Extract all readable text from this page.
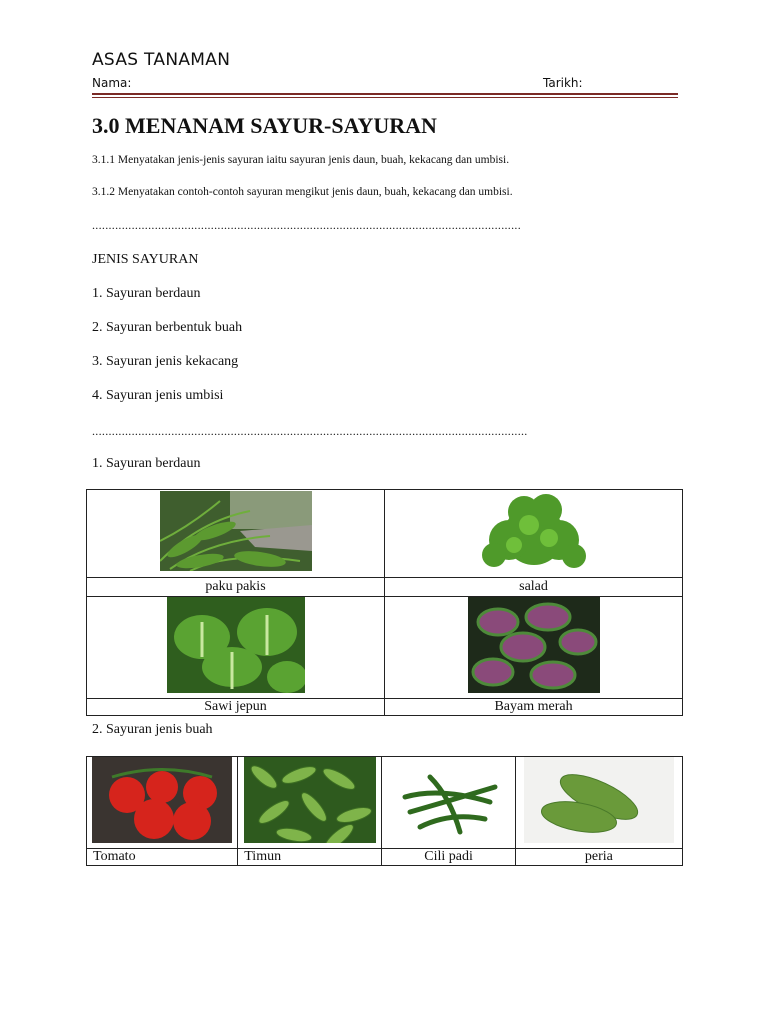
ASAS TANAMAN
Nama:	Tarikh:
3.0 MENANAM SAYUR-SAYURAN
3.1.1 Menyatakan jenis-jenis sayuran iaitu sayuran jenis daun, buah, kekacang dan umbisi.
3.1.2 Menyatakan contoh-contoh sayuran mengikut jenis daun, buah, kekacang dan umbisi.
..................................................................................................................................
JENIS SAYURAN
1. Sayuran berdaun
2. Sayuran berbentuk buah
3. Sayuran jenis kekacang
4. Sayuran jenis umbisi
....................................................................................................................................
1. Sayuran berdaun

paku pakis	salad

Sawi jepun	Bayam merah
2. Sayuran jenis buah

Tomato	Timun	Cili padi	peria
